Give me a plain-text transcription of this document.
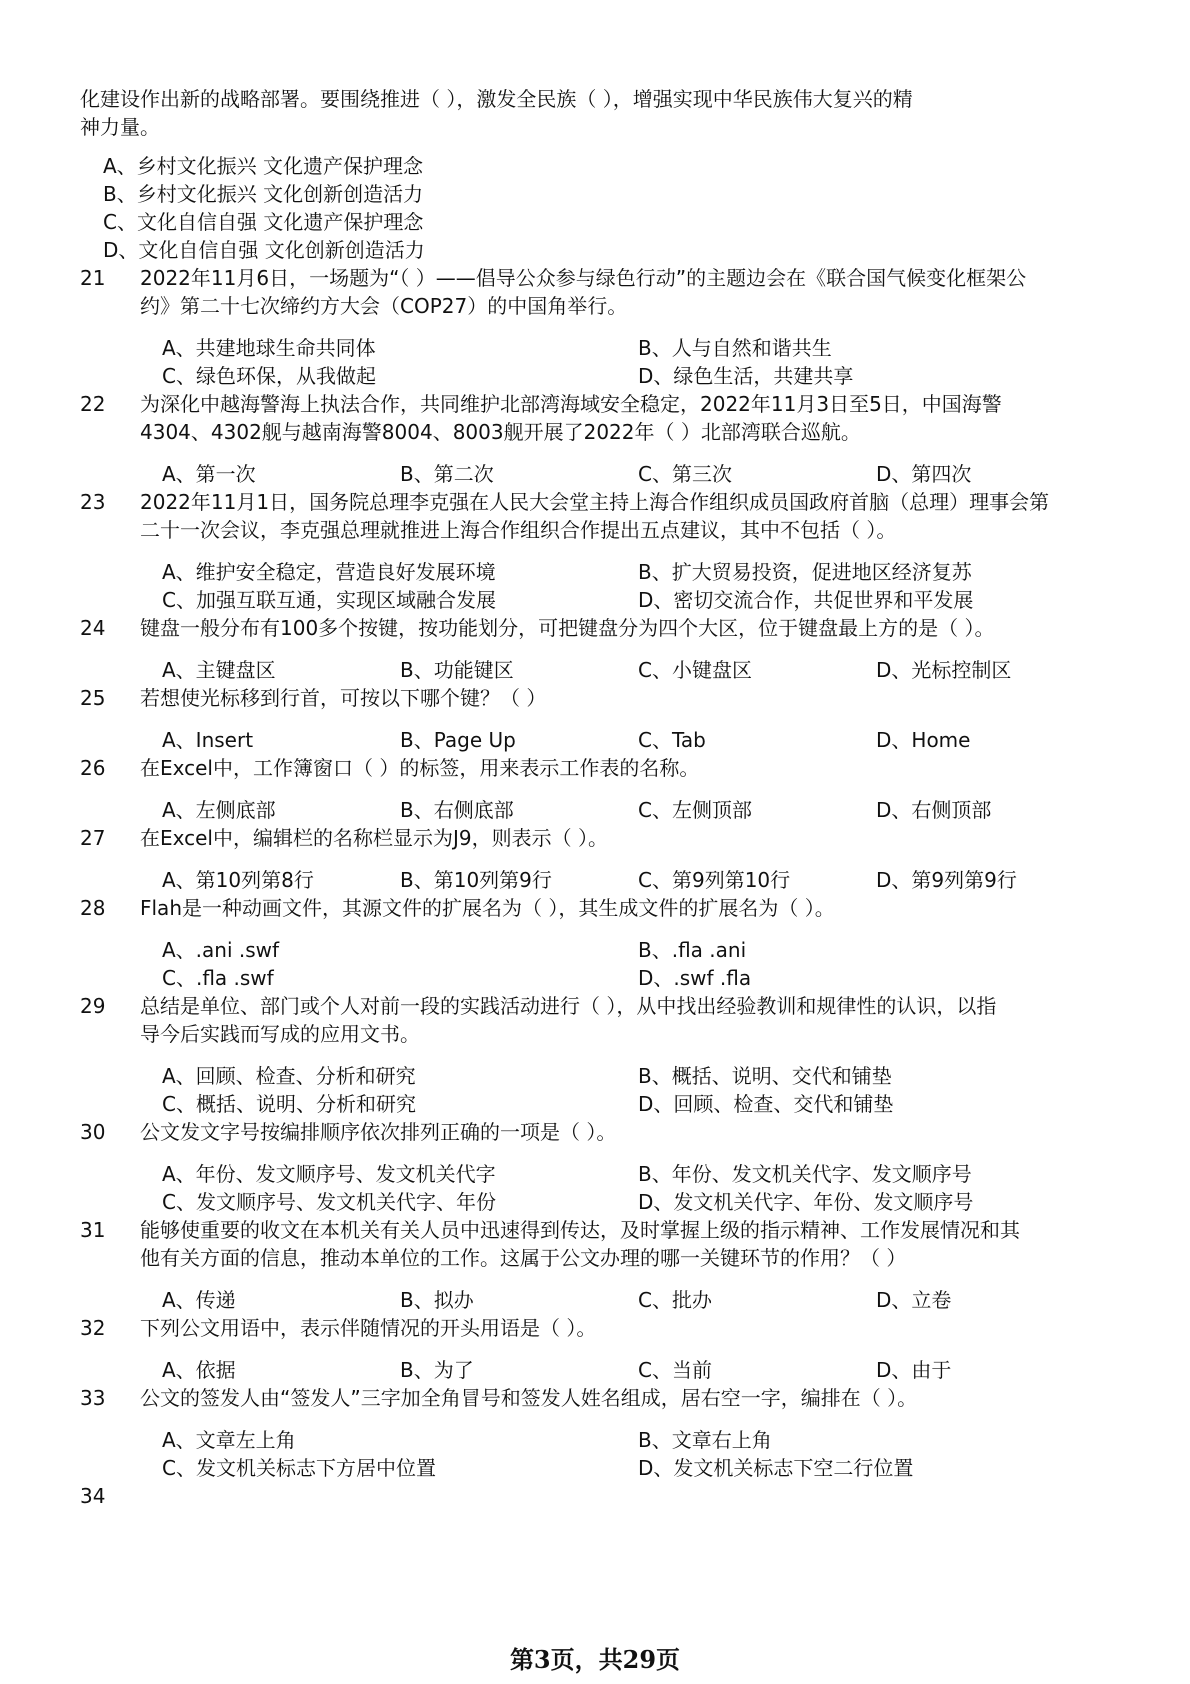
化建设作出新的战略部署。要围绕推进（ ），激发全民族（ ），增强实现中华民族伟大复兴的精
神力量。
A、乡村文化振兴 文化遗产保护理念
B、乡村文化振兴 文化创新创造活力
C、文化自信自强 文化遗产保护理念
D、文化自信自强 文化创新创造活力
21	2022年11月6日，一场题为“（ ）——倡导公众参与绿色行动”的主题边会在《联合国气候变化框架公
约》第二十七次缔约方大会（COP27）的中国角举行。
A、共建地球生命共同体	B、人与自然和谐共生
C、绿色环保，从我做起	D、绿色生活，共建共享
22	为深化中越海警海上执法合作，共同维护北部湾海域安全稳定，2022年11月3日至5日，中国海警
4304、4302舰与越南海警8004、8003舰开展了2022年（ ）北部湾联合巡航。
A、第一次	B、第二次	C、第三次	D、第四次
23	2022年11月1日，国务院总理李克强在人民大会堂主持上海合作组织成员国政府首脑（总理）理事会第
二十一次会议，李克强总理就推进上海合作组织合作提出五点建议，其中不包括（ ）。
A、维护安全稳定，营造良好发展环境	B、扩大贸易投资，促进地区经济复苏
C、加强互联互通，实现区域融合发展	D、密切交流合作，共促世界和平发展
24	键盘一般分布有100多个按键，按功能划分，可把键盘分为四个大区，位于键盘最上方的是（ ）。
A、主键盘区	B、功能键区	C、小键盘区	D、光标控制区
25	若想使光标移到行首，可按以下哪个键？（ ）
A、Insert	B、Page Up	C、Tab	D、Home
26	在Excel中，工作簿窗口（ ）的标签，用来表示工作表的名称。
A、左侧底部	B、右侧底部	C、左侧顶部	D、右侧顶部
27	在Excel中，编辑栏的名称栏显示为J9，则表示（ ）。
A、第10列第8行	B、第10列第9行	C、第9列第10行	D、第9列第9行
28	Flah是一种动画文件，其源文件的扩展名为（ ），其生成文件的扩展名为（ ）。
A、.ani .swf	B、.fla .ani
C、.fla .swf	D、.swf .fla
29	总结是单位、部门或个人对前一段的实践活动进行（ ），从中找出经验教训和规律性的认识，以指
导今后实践而写成的应用文书。
A、回顾、检查、分析和研究	B、概括、说明、交代和铺垫
C、概括、说明、分析和研究	D、回顾、检查、交代和铺垫
30	公文发文字号按编排顺序依次排列正确的一项是（ ）。
A、年份、发文顺序号、发文机关代字	B、年份、发文机关代字、发文顺序号
C、发文顺序号、发文机关代字、年份	D、发文机关代字、年份、发文顺序号
31	能够使重要的收文在本机关有关人员中迅速得到传达，及时掌握上级的指示精神、工作发展情况和其
他有关方面的信息，推动本单位的工作。这属于公文办理的哪一关键环节的作用？（ ）
A、传递	B、拟办	C、批办	D、立卷
32	下列公文用语中，表示伴随情况的开头用语是（ ）。
A、依据	B、为了	C、当前	D、由于
33	公文的签发人由“签发人”三字加全角冒号和签发人姓名组成，居右空一字，编排在（ ）。
A、文章左上角	B、文章右上角
C、发文机关标志下方居中位置	D、发文机关标志下空二行位置
34
第3页，共29页
